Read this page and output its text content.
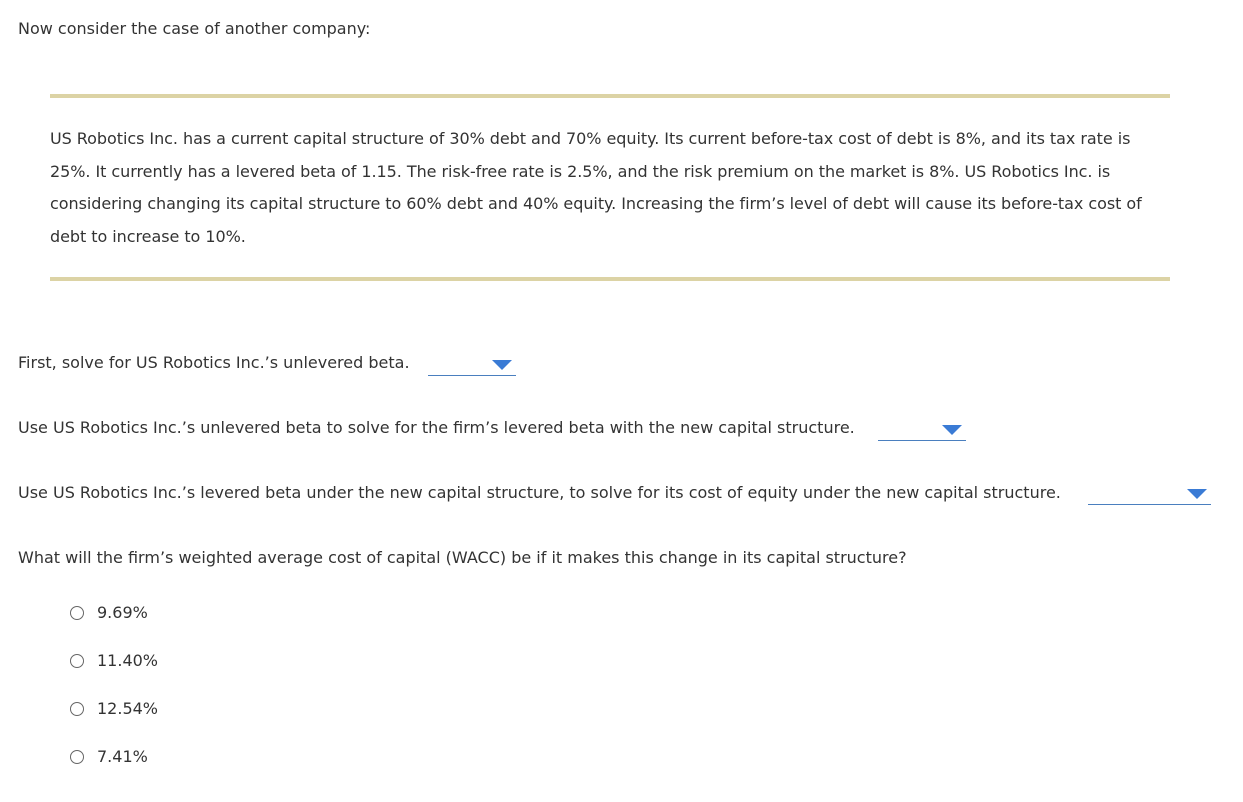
Now consider the case of another company:
US Robotics Inc. has a current capital structure of 30% debt and 70% equity. Its current before-tax cost of debt is 8%, and its tax rate is 25%. It currently has a levered beta of 1.15. The risk-free rate is 2.5%, and the risk premium on the market is 8%. US Robotics Inc. is considering changing its capital structure to 60% debt and 40% equity. Increasing the firm’s level of debt will cause its before-tax cost of debt to increase to 10%.
First, solve for US Robotics Inc.’s unlevered beta.
Use US Robotics Inc.’s unlevered beta to solve for the firm’s levered beta with the new capital structure.
Use US Robotics Inc.’s levered beta under the new capital structure, to solve for its cost of equity under the new capital structure.
What will the firm’s weighted average cost of capital (WACC) be if it makes this change in its capital structure?
9.69%
11.40%
12.54%
7.41%
